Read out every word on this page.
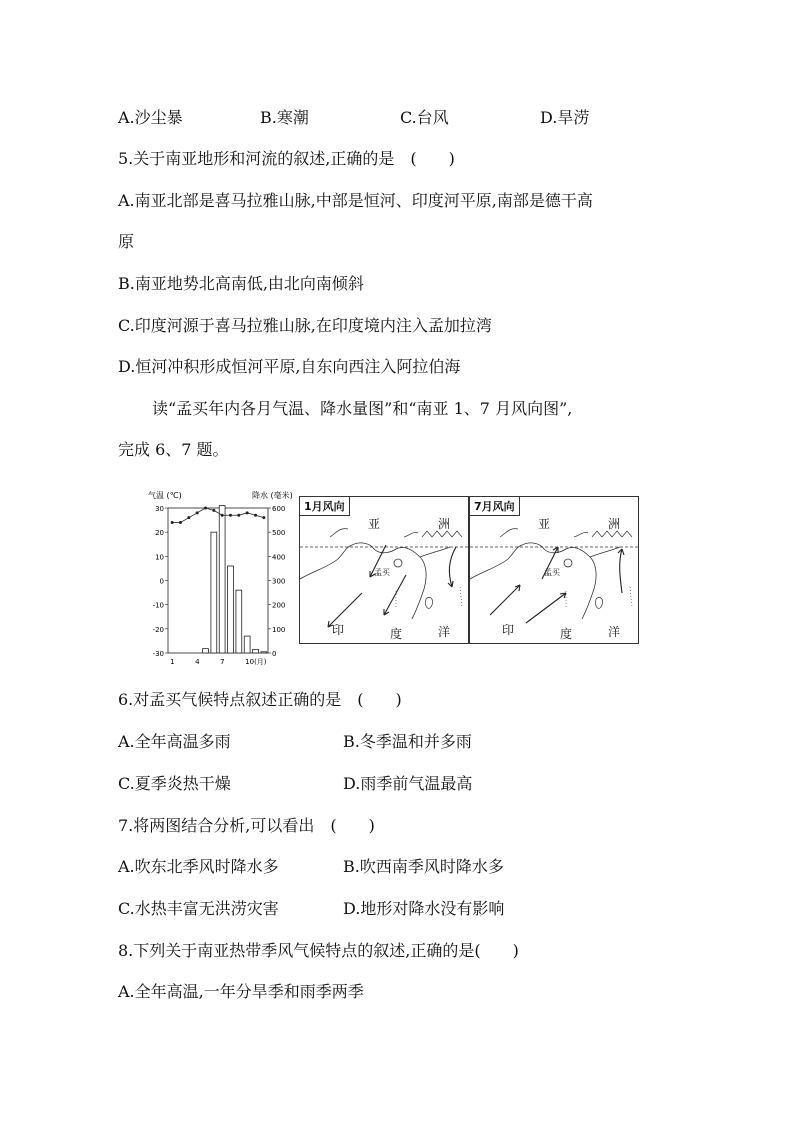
A.沙尘暴	B.寒潮	C.台风	D.旱涝
5.关于南亚地形和河流的叙述,正确的是　(　　)
A.南亚北部是喜马拉雅山脉,中部是恒河、印度河平原,南部是德干高
原
B.南亚地势北高南低,由北向南倾斜
C.印度河源于喜马拉雅山脉,在印度境内注入孟加拉湾
D.恒河冲积形成恒河平原,自东向西注入阿拉伯海
读“孟买年内各月气温、降水量图”和“南亚 1、7 月风向图”,
完成 6、7 题。
气温 (℃)	降水 (毫米)
30
20
10
0
-10
-20
-30
600
500
400
300
200
100
0
1	4	7	10(月)
1月风向
亚	洲
孟买
印	度	洋
7月风向
亚	洲
孟买
印	度	洋
6.对孟买气候特点叙述正确的是　(　　)
A.全年高温多雨	B.冬季温和并多雨
C.夏季炎热干燥	D.雨季前气温最高
7.将两图结合分析,可以看出　(　　)
A.吹东北季风时降水多	B.吹西南季风时降水多
C.水热丰富无洪涝灾害	D.地形对降水没有影响
8.下列关于南亚热带季风气候特点的叙述,正确的是(　　)
A.全年高温,一年分旱季和雨季两季
